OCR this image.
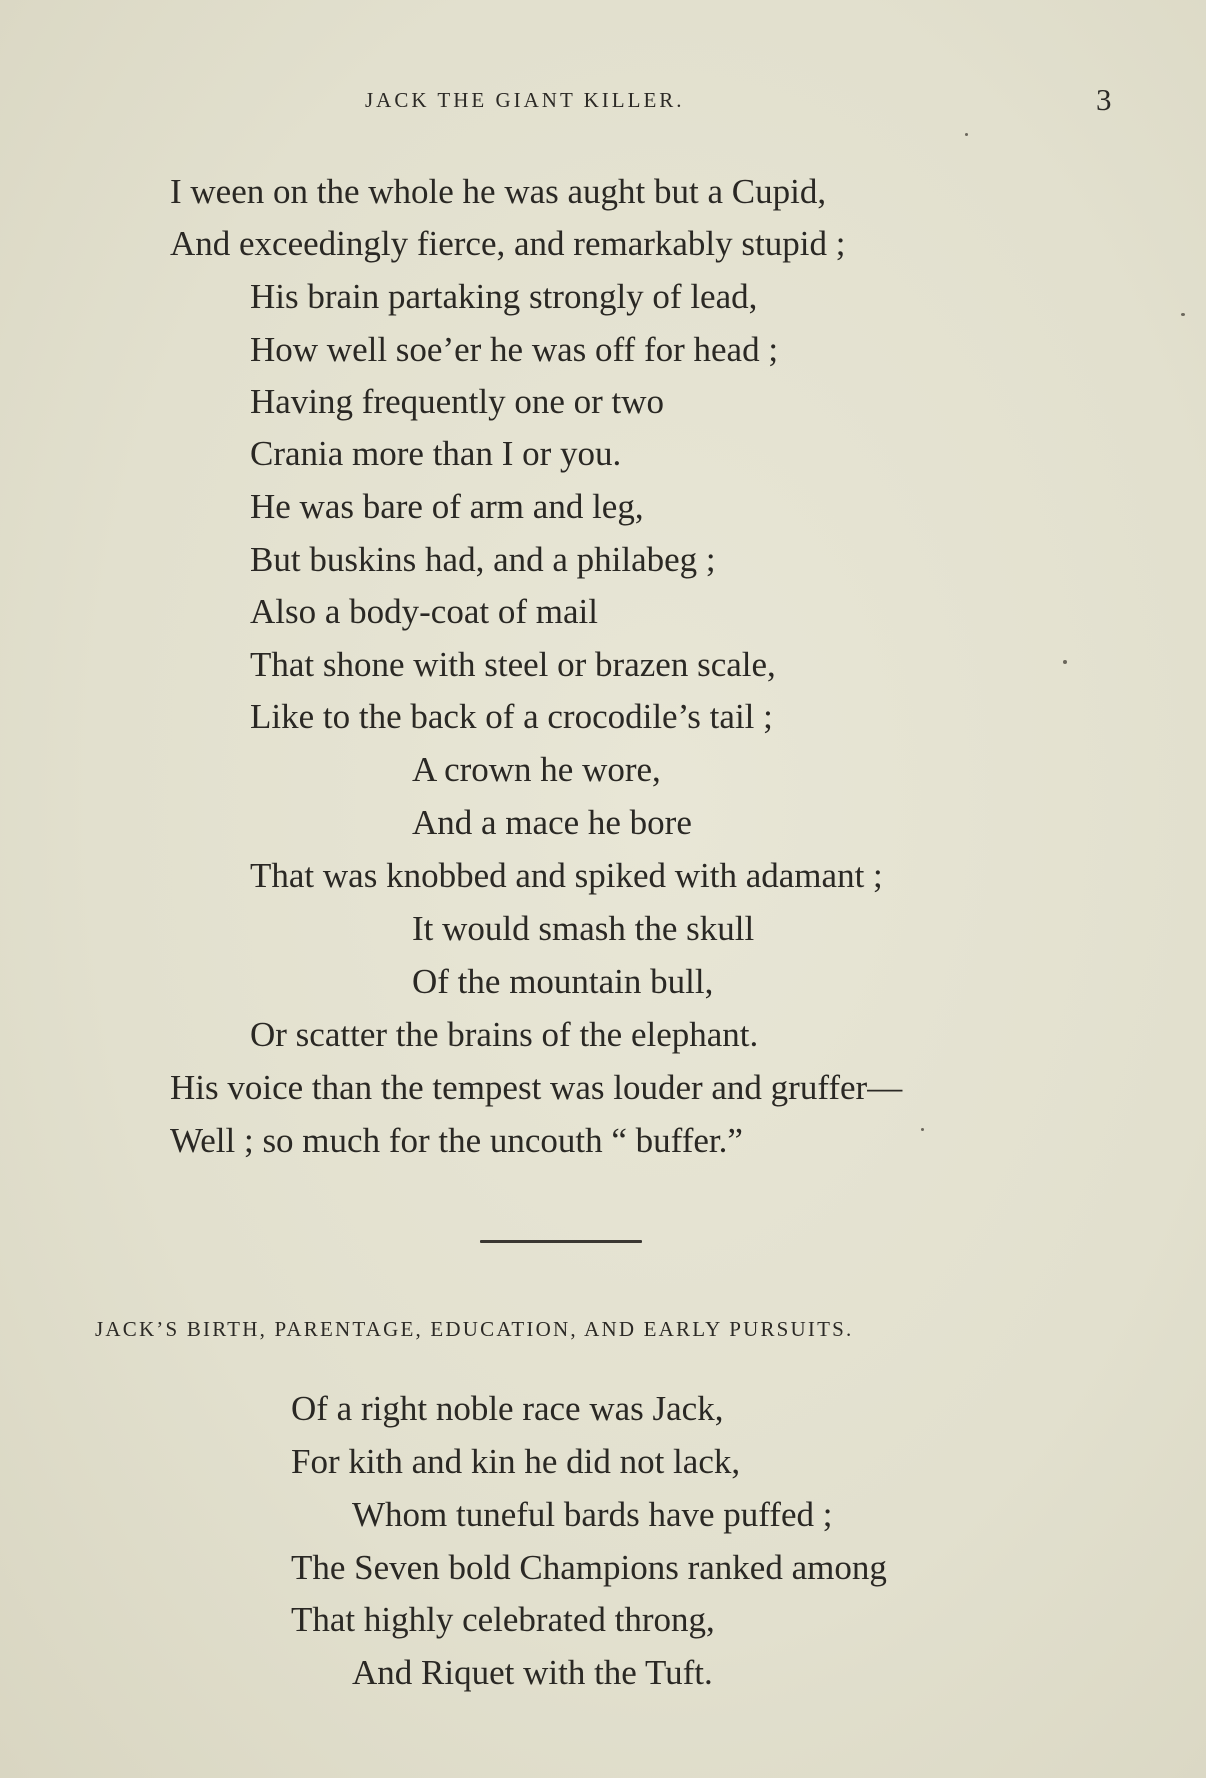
JACK THE GIANT KILLER.	3
I ween on the whole he was aught but a Cupid,
And exceedingly fierce, and remarkably stupid ;
His brain partaking strongly of lead,
How well soe’er he was off for head ;
Having frequently one or two
Crania more than I or you.
He was bare of arm and leg,
But buskins had, and a philabeg ;
Also a body-coat of mail
That shone with steel or brazen scale,
Like to the back of a crocodile’s tail ;
A crown he wore,
And a mace he bore
That was knobbed and spiked with adamant ;
It would smash the skull
Of the mountain bull,
Or scatter the brains of the elephant.
His voice than the tempest was louder and gruffer—
Well ; so much for the uncouth “ buffer.”
JACK’S BIRTH, PARENTAGE, EDUCATION, AND EARLY PURSUITS.
Of a right noble race was Jack,
For kith and kin he did not lack,
Whom tuneful bards have puffed ;
The Seven bold Champions ranked among
That highly celebrated throng,
And Riquet with the Tuft.
